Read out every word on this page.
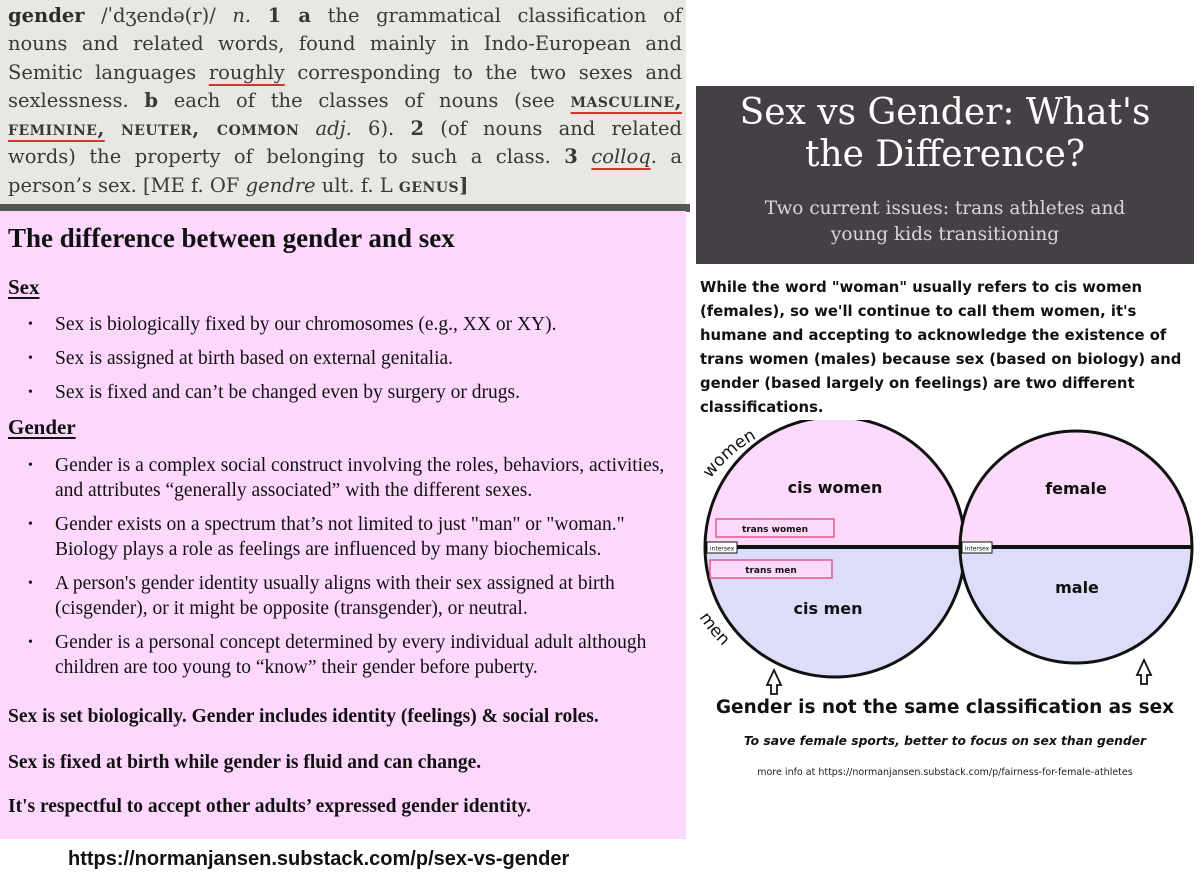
gender /ˈdʒendə(r)/ n. 1 a the grammatical classification of
nouns and related words, found mainly in Indo-European and
Semitic languages roughly corresponding to the two sexes and
sexlessness. b each of the classes of nouns (see masculine,
feminine, neuter, common adj. 6). 2 (of nouns and related
words) the property of belonging to such a class. 3 colloq. a
person’s sex. [ME f. OF gendre ult. f. L genus]
The difference between gender and sex
Sex
• Sex is biologically fixed by our chromosomes (e.g., XX or XY).
• Sex is assigned at birth based on external genitalia.
• Sex is fixed and can’t be changed even by surgery or drugs.
Gender
• Gender is a complex social construct involving the roles, behaviors, activities, and attributes “generally associated” with the different sexes.
• Gender exists on a spectrum that’s not limited to just "man" or "woman." Biology plays a role as feelings are influenced by many biochemicals.
• A person's gender identity usually aligns with their sex assigned at birth (cisgender), or it might be opposite (transgender), or neutral.
• Gender is a personal concept determined by every individual adult although children are too young to “know” their gender before puberty.
Sex is set biologically. Gender includes identity (feelings) & social roles.
Sex is fixed at birth while gender is fluid and can change.
It's respectful to accept other adults’ expressed gender identity.
https://normanjansen.substack.com/p/sex-vs-gender
Sex vs Gender: What's
the Difference?
Two current issues: trans athletes and
young kids transitioning
While the word "woman" usually refers to cis women (females), so we'll continue to call them women, it's humane and accepting to acknowledge the existence of trans women (males) because sex (based on biology) and gender (based largely on feelings) are two different classifications.
cis women
trans women
intersex
trans men
cis men
women
men
female
intersex
male
Gender is not the same classification as sex
To save female sports, better to focus on sex than gender
more info at https://normanjansen.substack.com/p/fairness-for-female-athletes
